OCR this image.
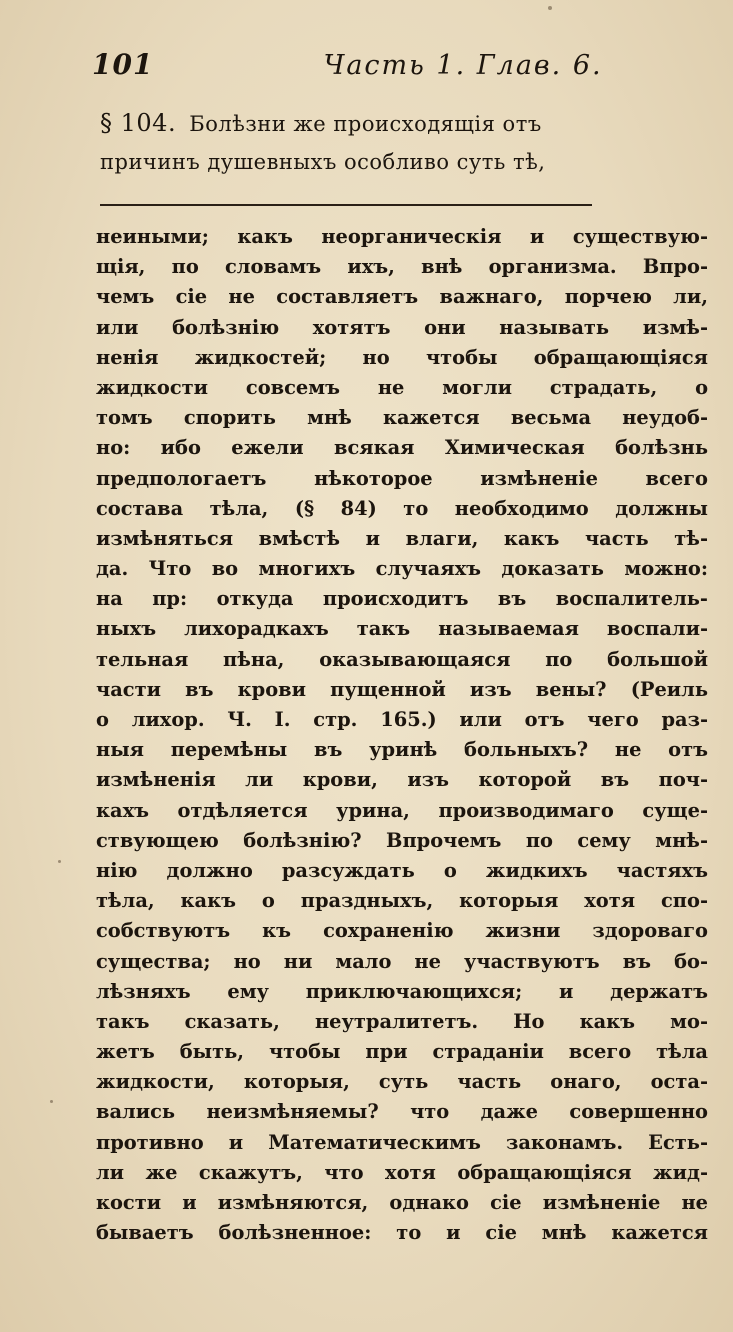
101	Часть 1. Глав. 6.

§ 104. Болѣзни же происходящія отъ причинъ душевныхъ особливо суть тѣ,

неиными; какъ неорганическія и существую-
щія, по словамъ ихъ, внѣ организма. Впро-
чемъ сіе не составляетъ важнаго, порчею ли,
или болѣзнію хотятъ они называть измѣ-
ненія жидкостей; но чтобы обращающіяся
жидкости совсемъ не могли страдать, о
томъ спорить мнѣ кажется весьма неудоб-
но: ибо ежели всякая Химическая болѣзнь
предпологаетъ нѣкоторое измѣненіе всего
состава тѣла, (§ 84) то необходимо должны
измѣняться вмѣстѣ и влаги, какъ часть тѣ-
да. Что во многихъ случаяхъ доказать можно:
на пр: откуда происходитъ въ воспалитель-
ныхъ лихорадкахъ такъ называемая воспали-
тельная пѣна, оказывающаяся по большой
части въ крови пущенной изъ вены? (Реиль
о лихор. Ч. I. стр. 165.) или отъ чего раз-
ныя перемѣны въ уринѣ больныхъ? не отъ
измѣненія ли крови, изъ которой въ поч-
кахъ отдѣляется урина, производимаго суще-
ствующею болѣзнію? Впрочемъ по сему мнѣ-
нію должно разсуждать о жидкихъ частяхъ
тѣла, какъ о праздныхъ, которыя хотя спо-
собствуютъ къ сохраненію жизни здороваго
существа; но ни мало не участвуютъ въ бо-
лѣзняхъ ему приключающихся; и держатъ
такъ сказать, неутралитетъ. Но какъ мо-
жетъ быть, чтобы при страданіи всего тѣла
жидкости, которыя, суть часть онаго, оста-
вались неизмѣняемы? что даже совершенно
противно и Математическимъ законамъ. Есть-
ли же скажутъ, что хотя обращающіяся жид-
кости и измѣняются, однако сіе измѣненіе не
бываетъ болѣзненное: то и сіе мнѣ кажется
